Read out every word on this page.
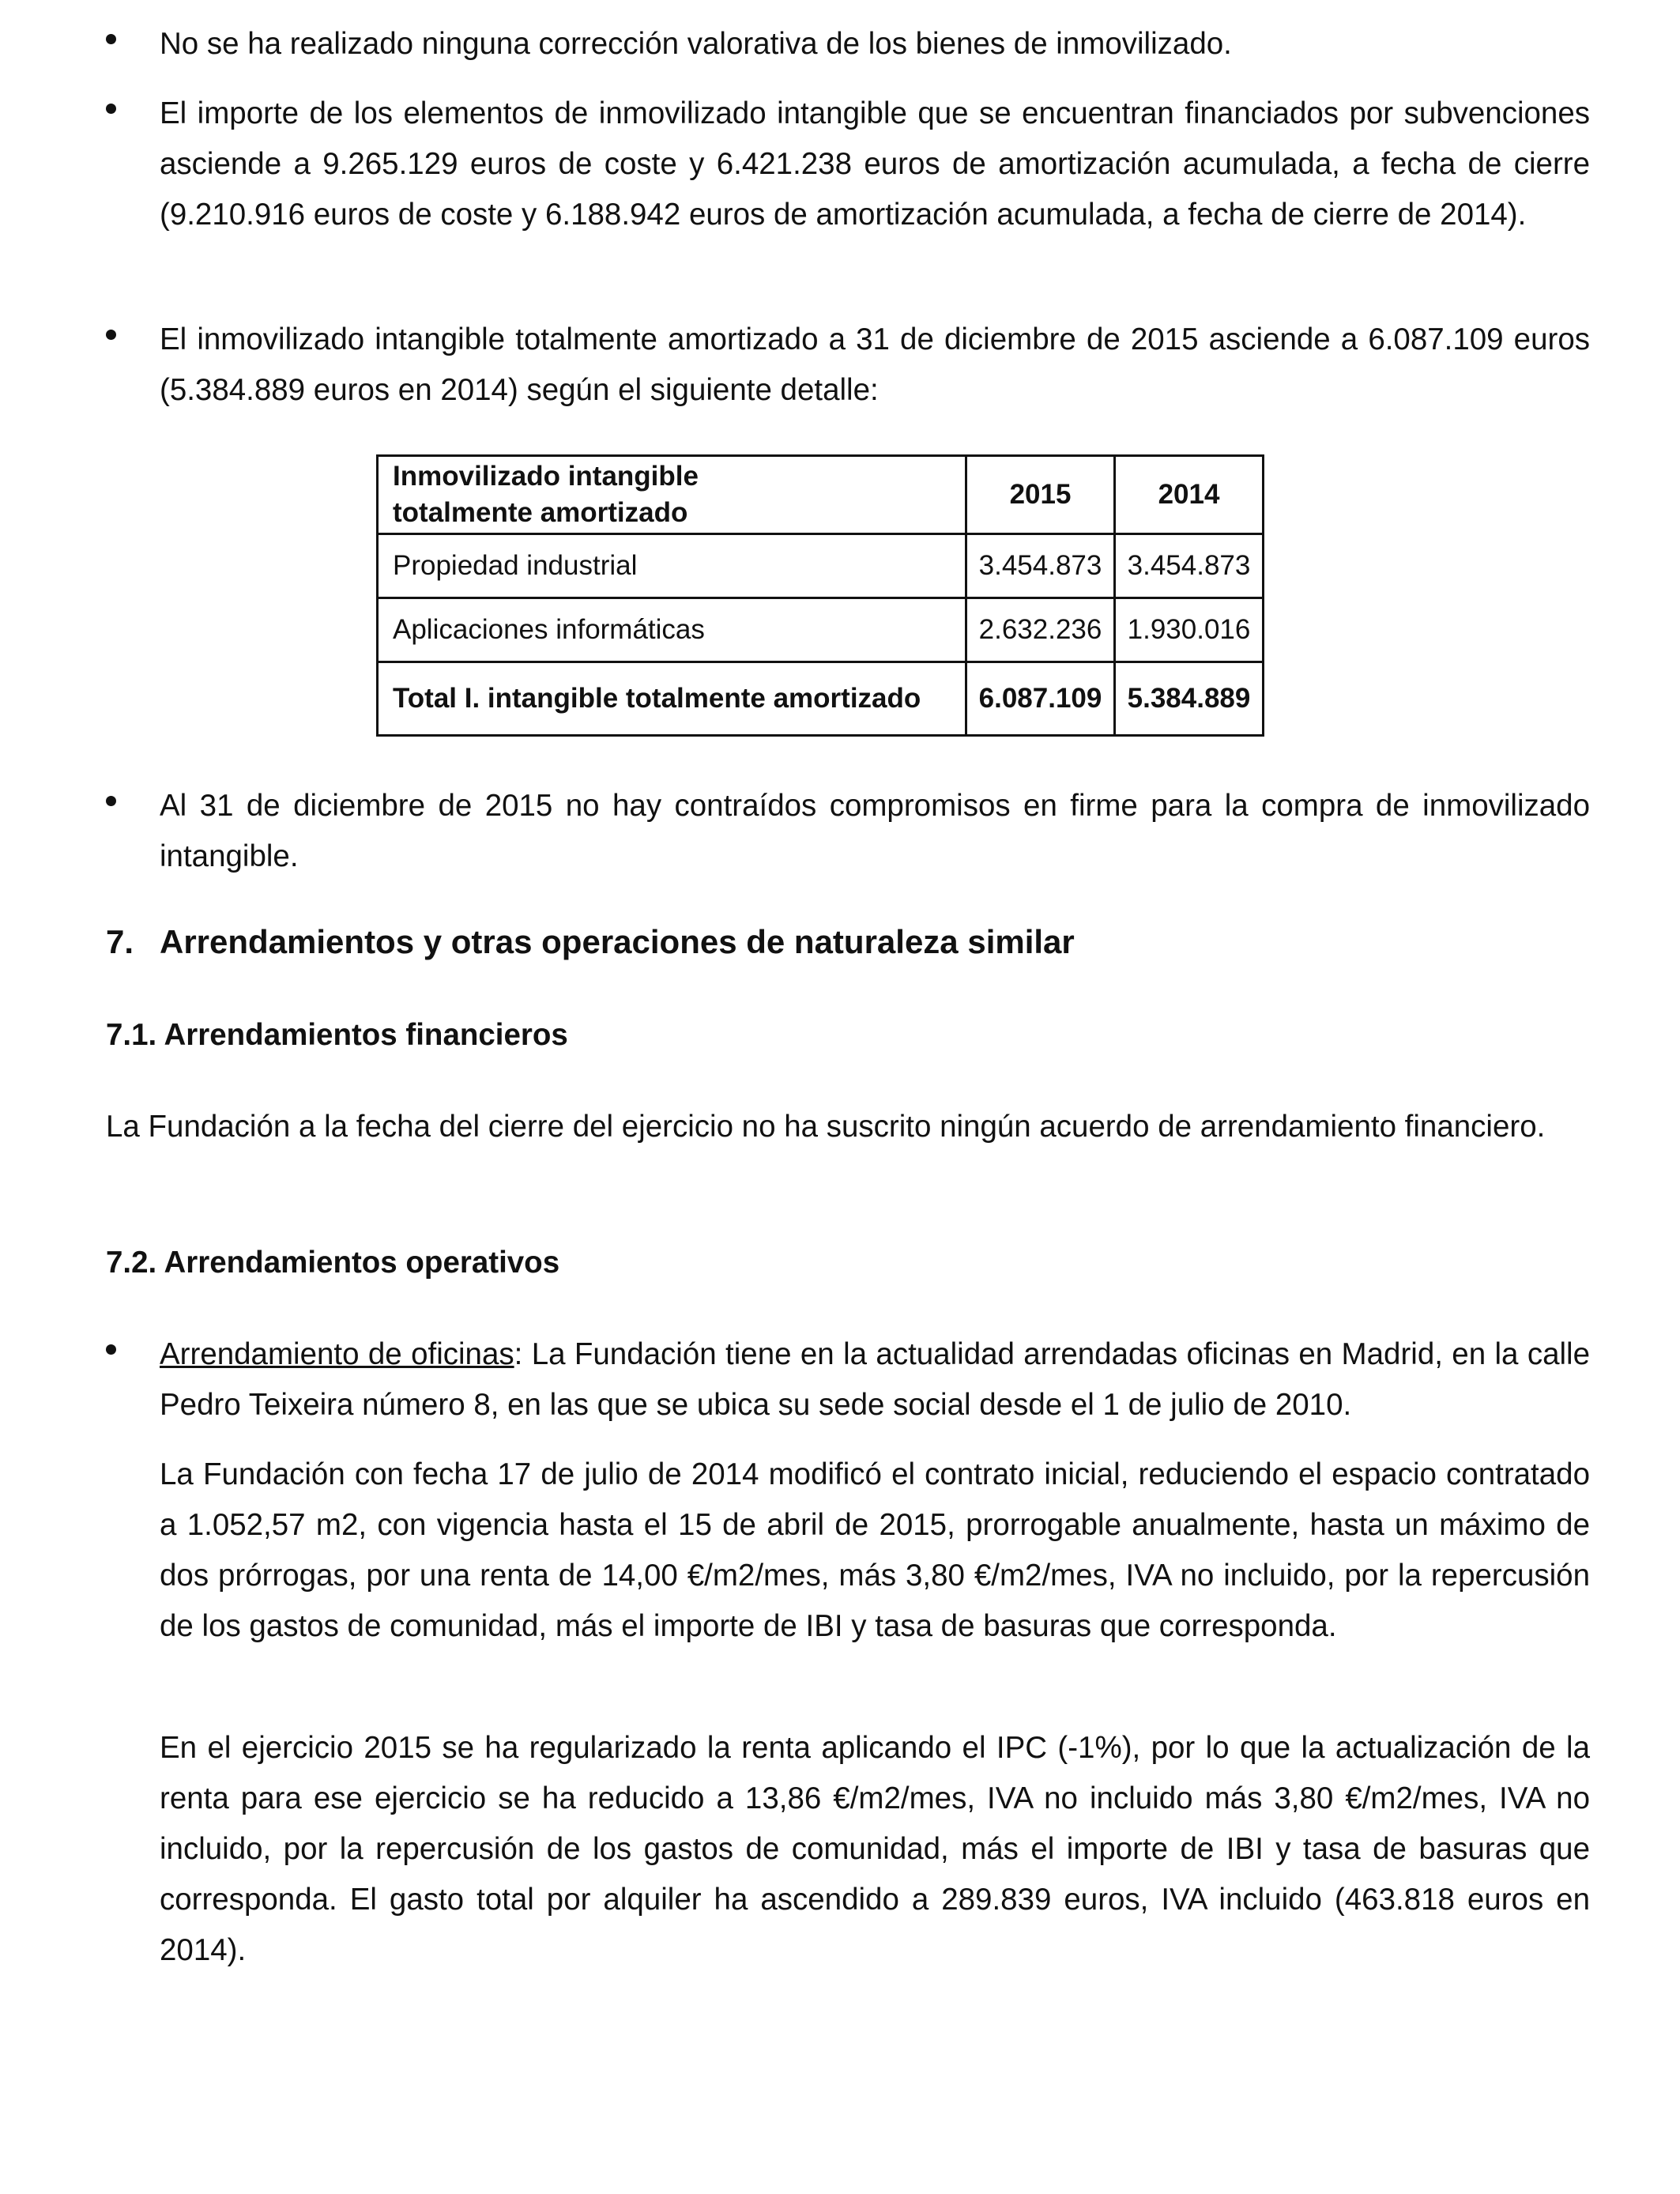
No se ha realizado ninguna corrección valorativa de los bienes de inmovilizado.

El importe de los elementos de inmovilizado intangible que se encuentran financiados por subvenciones asciende a 9.265.129 euros de coste y 6.421.238 euros de amortización acumulada, a fecha de cierre (9.210.916 euros de coste y 6.188.942 euros de amortización acumulada, a fecha de cierre de 2014).

El inmovilizado intangible totalmente amortizado a 31 de diciembre de 2015 asciende a 6.087.109 euros (5.384.889 euros en 2014) según el siguiente detalle:

Inmovilizado intangible
totalmente amortizado	2015	2014
Propiedad industrial	3.454.873	3.454.873
Aplicaciones informáticas	2.632.236	1.930.016
Total I. intangible totalmente amortizado	6.087.109	5.384.889

Al 31 de diciembre de 2015 no hay contraídos compromisos en firme para la compra de inmovilizado intangible.

7. Arrendamientos y otras operaciones de naturaleza similar
7.1. Arrendamientos financieros

La Fundación a la fecha del cierre del ejercicio no ha suscrito ningún acuerdo de arrendamiento financiero.

7.2. Arrendamientos operativos

Arrendamiento de oficinas: La Fundación tiene en la actualidad arrendadas oficinas en Madrid, en la calle Pedro Teixeira número 8, en las que se ubica su sede social desde el 1 de julio de 2010.

La Fundación con fecha 17 de julio de 2014 modificó el contrato inicial, reduciendo el espacio contratado a 1.052,57 m2, con vigencia hasta el 15 de abril de 2015, prorrogable anualmente, hasta un máximo de dos prórrogas, por una renta de 14,00 €/m2/mes, más 3,80 €/m2/mes, IVA no incluido, por la repercusión de los gastos de comunidad, más el importe de IBI y tasa de basuras que corresponda.

En el ejercicio 2015 se ha regularizado la renta aplicando el IPC (-1%), por lo que la actualización de la renta para ese ejercicio se ha reducido a 13,86 €/m2/mes, IVA no incluido más 3,80 €/m2/mes, IVA no incluido, por la repercusión de los gastos de comunidad, más el importe de IBI y tasa de basuras que corresponda. El gasto total por alquiler ha ascendido a 289.839 euros, IVA incluido (463.818 euros en 2014).
